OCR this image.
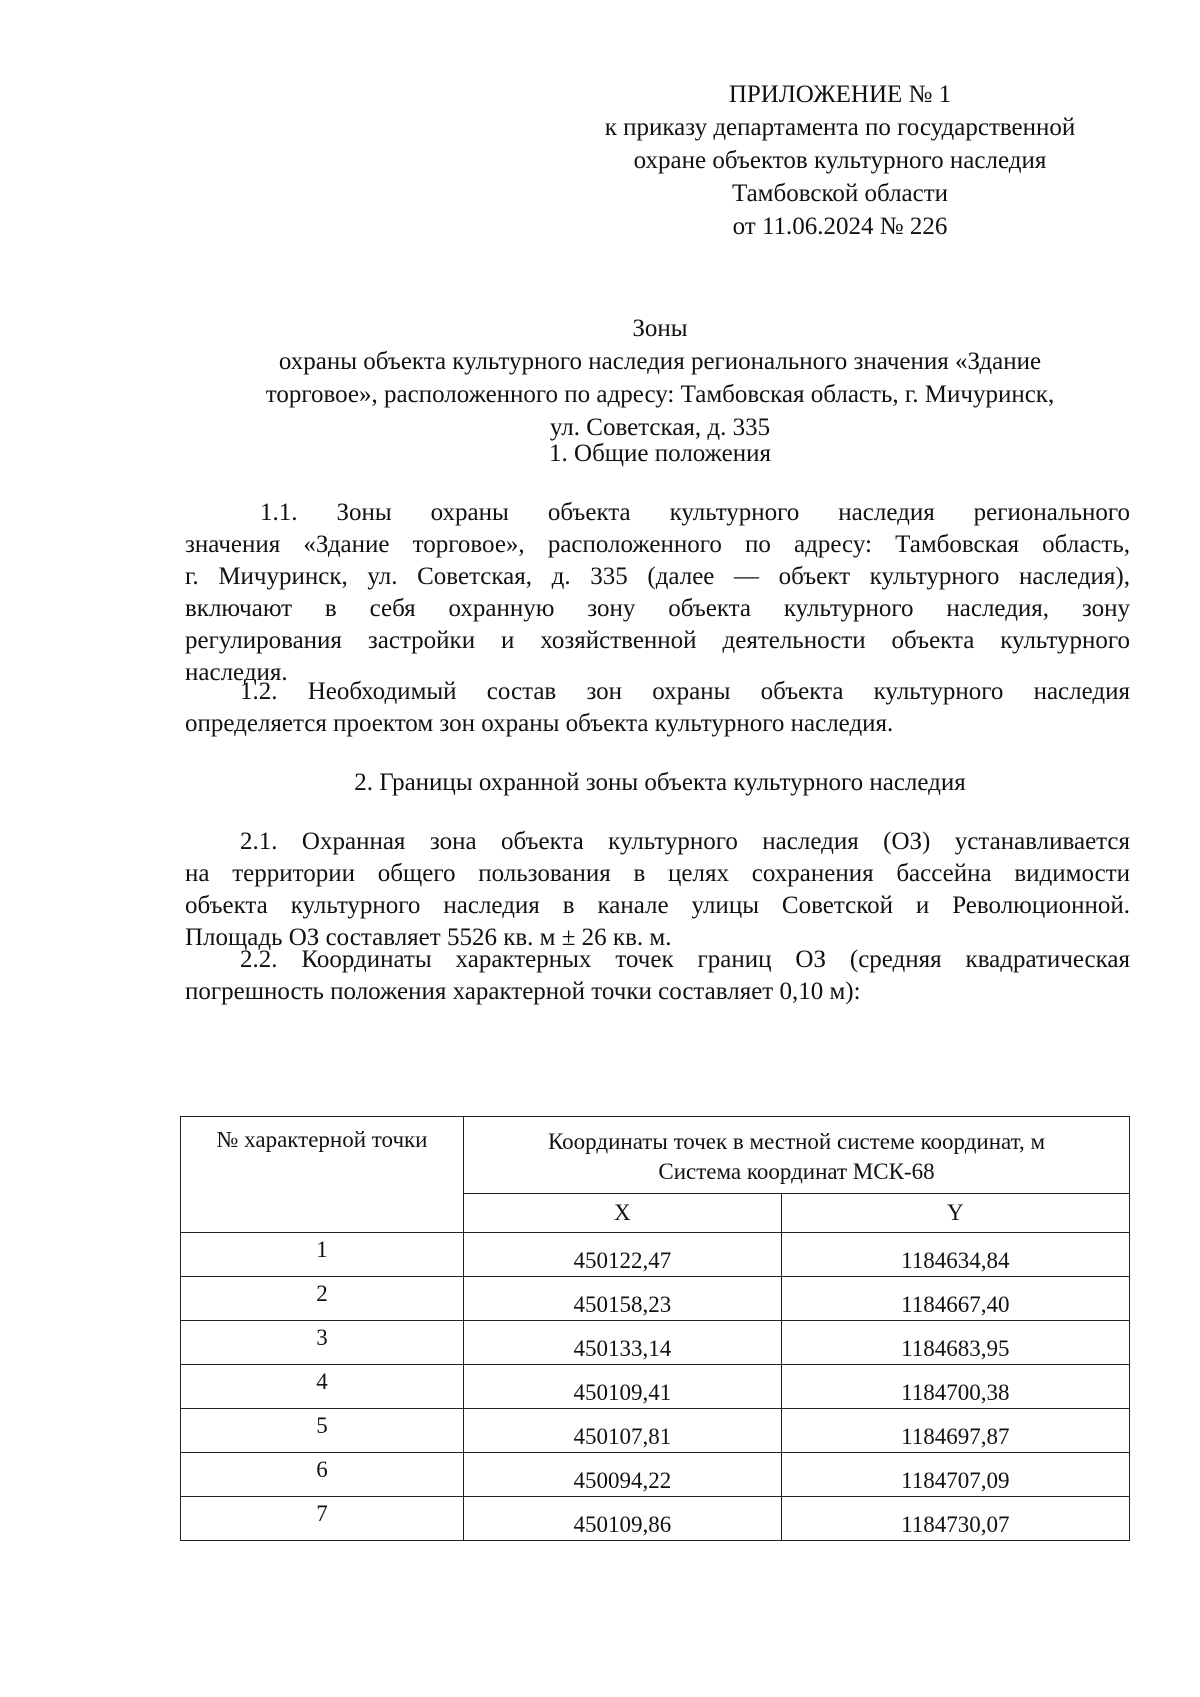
ПРИЛОЖЕНИЕ № 1
к приказу департамента по государственной
охране объектов культурного наследия
Тамбовской области
от 11.06.2024 № 226
Зоны
охраны объекта культурного наследия регионального значения «Здание
торговое», расположенного по адресу: Тамбовская область, г. Мичуринск,
ул. Советская, д. 335
1. Общие положения
1.1. Зоны охраны объекта культурного наследия регионального
значения «Здание торговое», расположенного по адресу: Тамбовская область,
г. Мичуринск, ул. Советская, д. 335 (далее — объект культурного наследия),
включают в себя охранную зону объекта культурного наследия, зону
регулирования застройки и хозяйственной деятельности объекта культурного
наследия.
1.2. Необходимый состав зон охраны объекта культурного наследия
определяется проектом зон охраны объекта культурного наследия.
2. Границы охранной зоны объекта культурного наследия
2.1. Охранная зона объекта культурного наследия (ОЗ) устанавливается
на территории общего пользования в целях сохранения бассейна видимости
объекта культурного наследия в канале улицы Советской и Революционной.
Площадь ОЗ составляет 5526 кв. м ± 26 кв. м.
2.2. Координаты характерных точек границ ОЗ (средняя квадратическая
погрешность положения характерной точки составляет 0,10 м):
№ характерной точки	Координаты точек в местной системе координат, м
Система координат МСК-68	
	X	Y
1	450122,47	1184634,84
2	450158,23	1184667,40
3	450133,14	1184683,95
4	450109,41	1184700,38
5	450107,81	1184697,87
6	450094,22	1184707,09
7	450109,86	1184730,07
